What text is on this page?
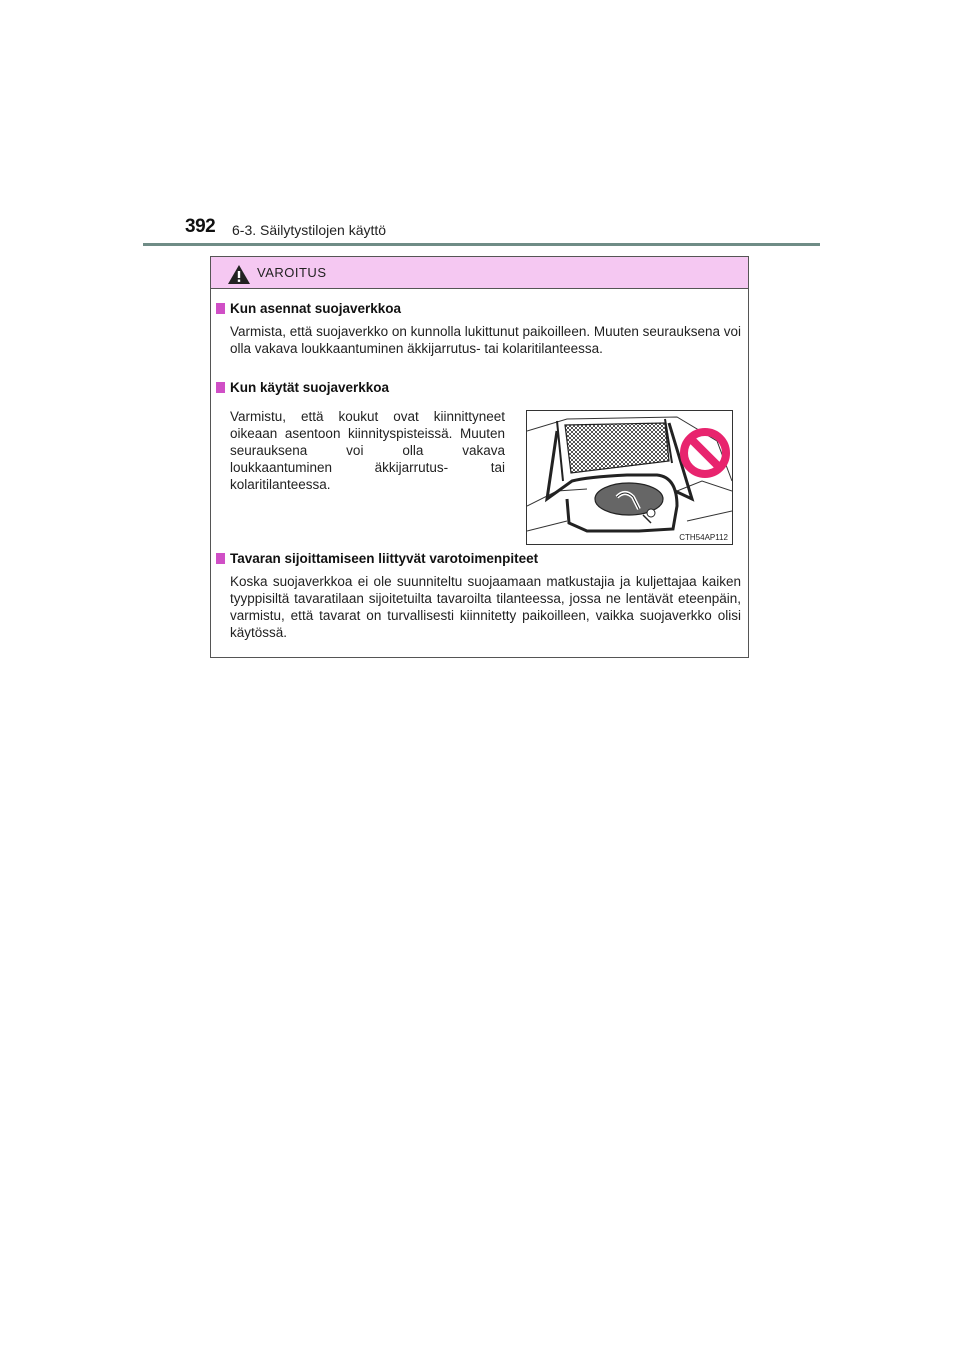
392 6-3. Säilytystilojen käyttö
VAROITUS
Kun asennat suojaverkkoa
Varmista, että suojaverkko on kunnolla lukittunut paikoilleen. Muuten seurauksena voi olla vakava loukkaantuminen äkkijarrutus- tai kolaritilanteessa.
Kun käytät suojaverkkoa
Varmistu, että koukut ovat kiinnittyneet oikeaan asentoon kiinnityspisteissä. Muuten seurauksena voi olla vakava loukkaantuminen äkkijarrutus- tai kolaritilanteessa.
CTH54AP112
Tavaran sijoittamiseen liittyvät varotoimenpiteet
Koska suojaverkkoa ei ole suunniteltu suojaamaan matkustajia ja kuljettajaa kaiken tyyppisiltä tavaratilaan sijoitetuilta tavaroilta tilanteessa, jossa ne lentävät eteenpäin, varmistu, että tavarat on turvallisesti kiinnitetty paikoilleen, vaikka suojaverkko olisi käytössä.
